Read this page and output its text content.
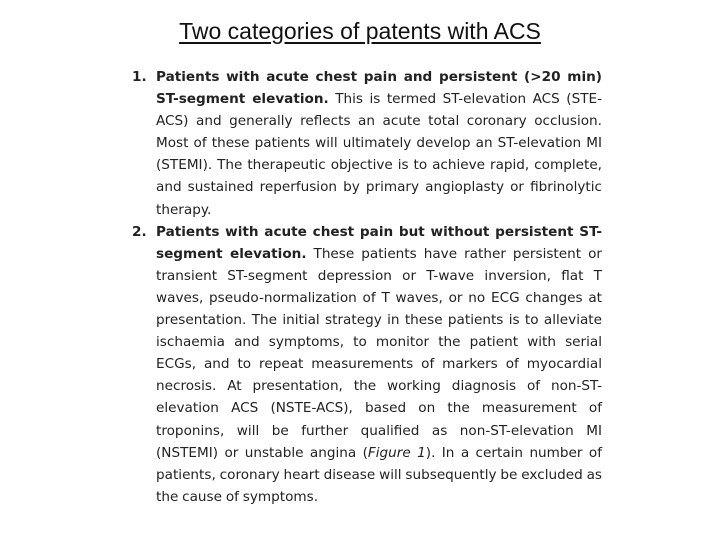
Two categories of patents with ACS
1. Patients with acute chest pain and persistent (>20 min) ST-segment elevation. This is termed ST-elevation ACS (STE-ACS) and generally reflects an acute total coronary occlusion. Most of these patients will ultimately develop an ST-elevation MI (STEMI). The therapeutic objective is to achieve rapid, complete, and sustained reperfusion by primary angioplasty or fibrinolytic therapy.
2. Patients with acute chest pain but without persistent ST-segment elevation. These patients have rather persistent or transient ST-segment depression or T-wave inversion, flat T waves, pseudo-normalization of T waves, or no ECG changes at presentation. The initial strategy in these patients is to alleviate ischaemia and symptoms, to monitor the patient with serial ECGs, and to repeat measurements of markers of myocardial necrosis. At presentation, the working diagnosis of non-ST-elevation ACS (NSTE-ACS), based on the measurement of troponins, will be further qualified as non-ST-elevation MI (NSTEMI) or unstable angina (Figure 1). In a certain number of patients, coronary heart disease will subsequently be excluded as the cause of symptoms.
